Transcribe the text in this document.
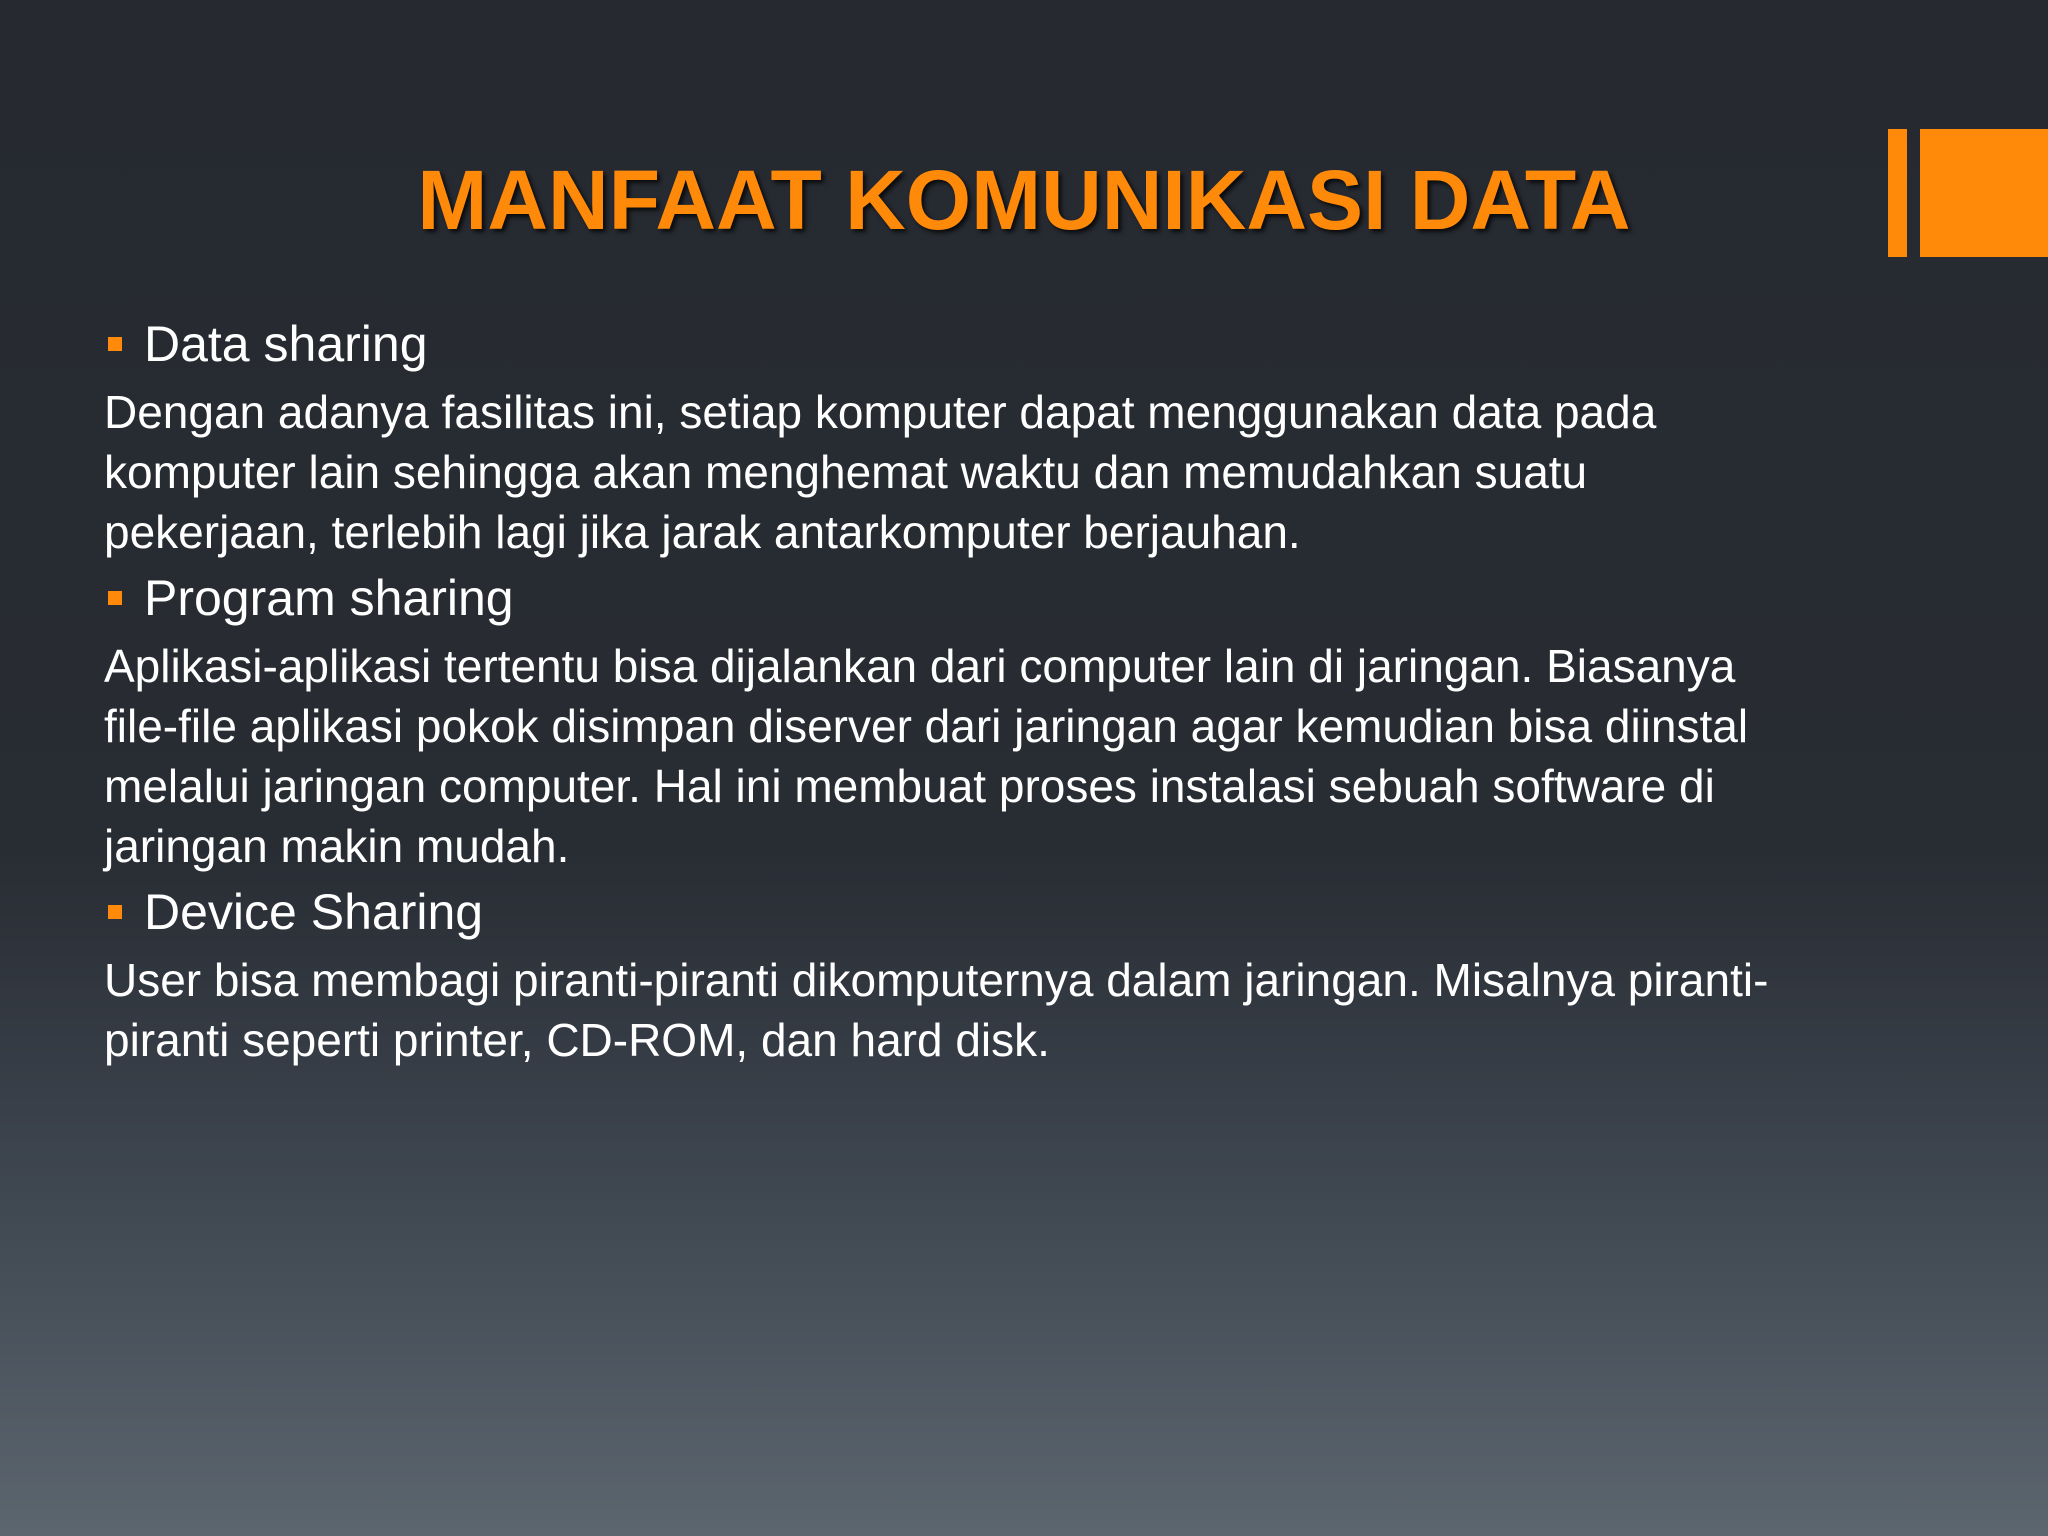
MANFAAT KOMUNIKASI DATA
Data sharing
Dengan adanya fasilitas ini, setiap komputer dapat menggunakan data pada
komputer lain sehingga akan menghemat waktu dan memudahkan suatu
pekerjaan, terlebih lagi jika jarak antarkomputer berjauhan.
Program sharing
Aplikasi-aplikasi tertentu bisa dijalankan dari computer lain di jaringan. Biasanya
file-file aplikasi pokok disimpan diserver dari jaringan agar kemudian bisa diinstal
melalui jaringan computer. Hal ini membuat proses instalasi sebuah software di
jaringan makin mudah.
Device Sharing
User bisa membagi piranti-piranti dikomputernya dalam jaringan. Misalnya piranti-
piranti seperti printer, CD-ROM, dan hard disk.
